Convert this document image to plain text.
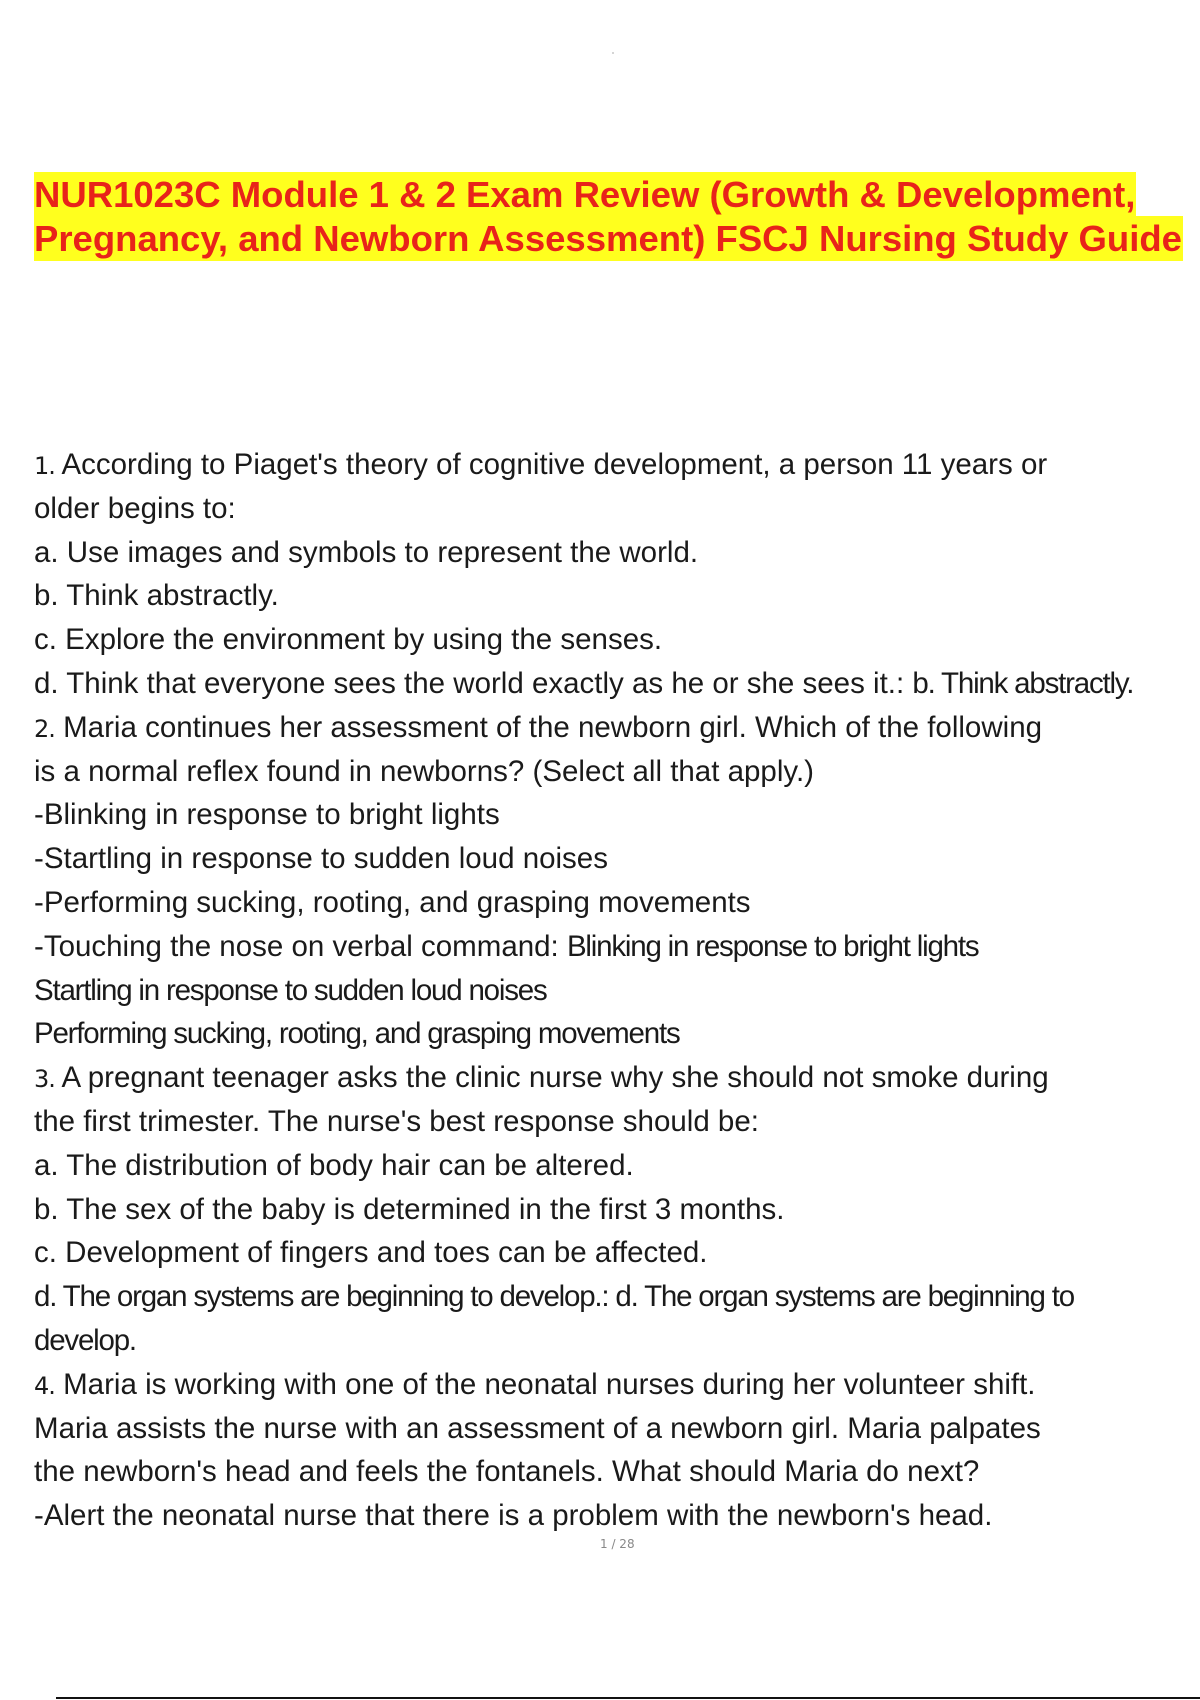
NUR1023C Module 1 & 2 Exam Review (Growth & Development, Pregnancy, and Newborn Assessment) FSCJ Nursing Study Guide
1. According to Piaget's theory of cognitive development, a person 11 years or
older begins to:
a. Use images and symbols to represent the world.
b. Think abstractly.
c. Explore the environment by using the senses.
d. Think that everyone sees the world exactly as he or she sees it.: b. Think abstractly.
2. Maria continues her assessment of the newborn girl. Which of the following
is a normal reflex found in newborns? (Select all that apply.)
-Blinking in response to bright lights
-Startling in response to sudden loud noises
-Performing sucking, rooting, and grasping movements
-Touching the nose on verbal command: Blinking in response to bright lights
Startling in response to sudden loud noises
Performing sucking, rooting, and grasping movements
3. A pregnant teenager asks the clinic nurse why she should not smoke during
the first trimester. The nurse's best response should be:
a. The distribution of body hair can be altered.
b. The sex of the baby is determined in the first 3 months.
c. Development of fingers and toes can be affected.
d. The organ systems are beginning to develop.: d. The organ systems are beginning to
develop.
4. Maria is working with one of the neonatal nurses during her volunteer shift.
Maria assists the nurse with an assessment of a newborn girl. Maria palpates
the newborn's head and feels the fontanels. What should Maria do next?
-Alert the neonatal nurse that there is a problem with the newborn's head.
1 / 28
